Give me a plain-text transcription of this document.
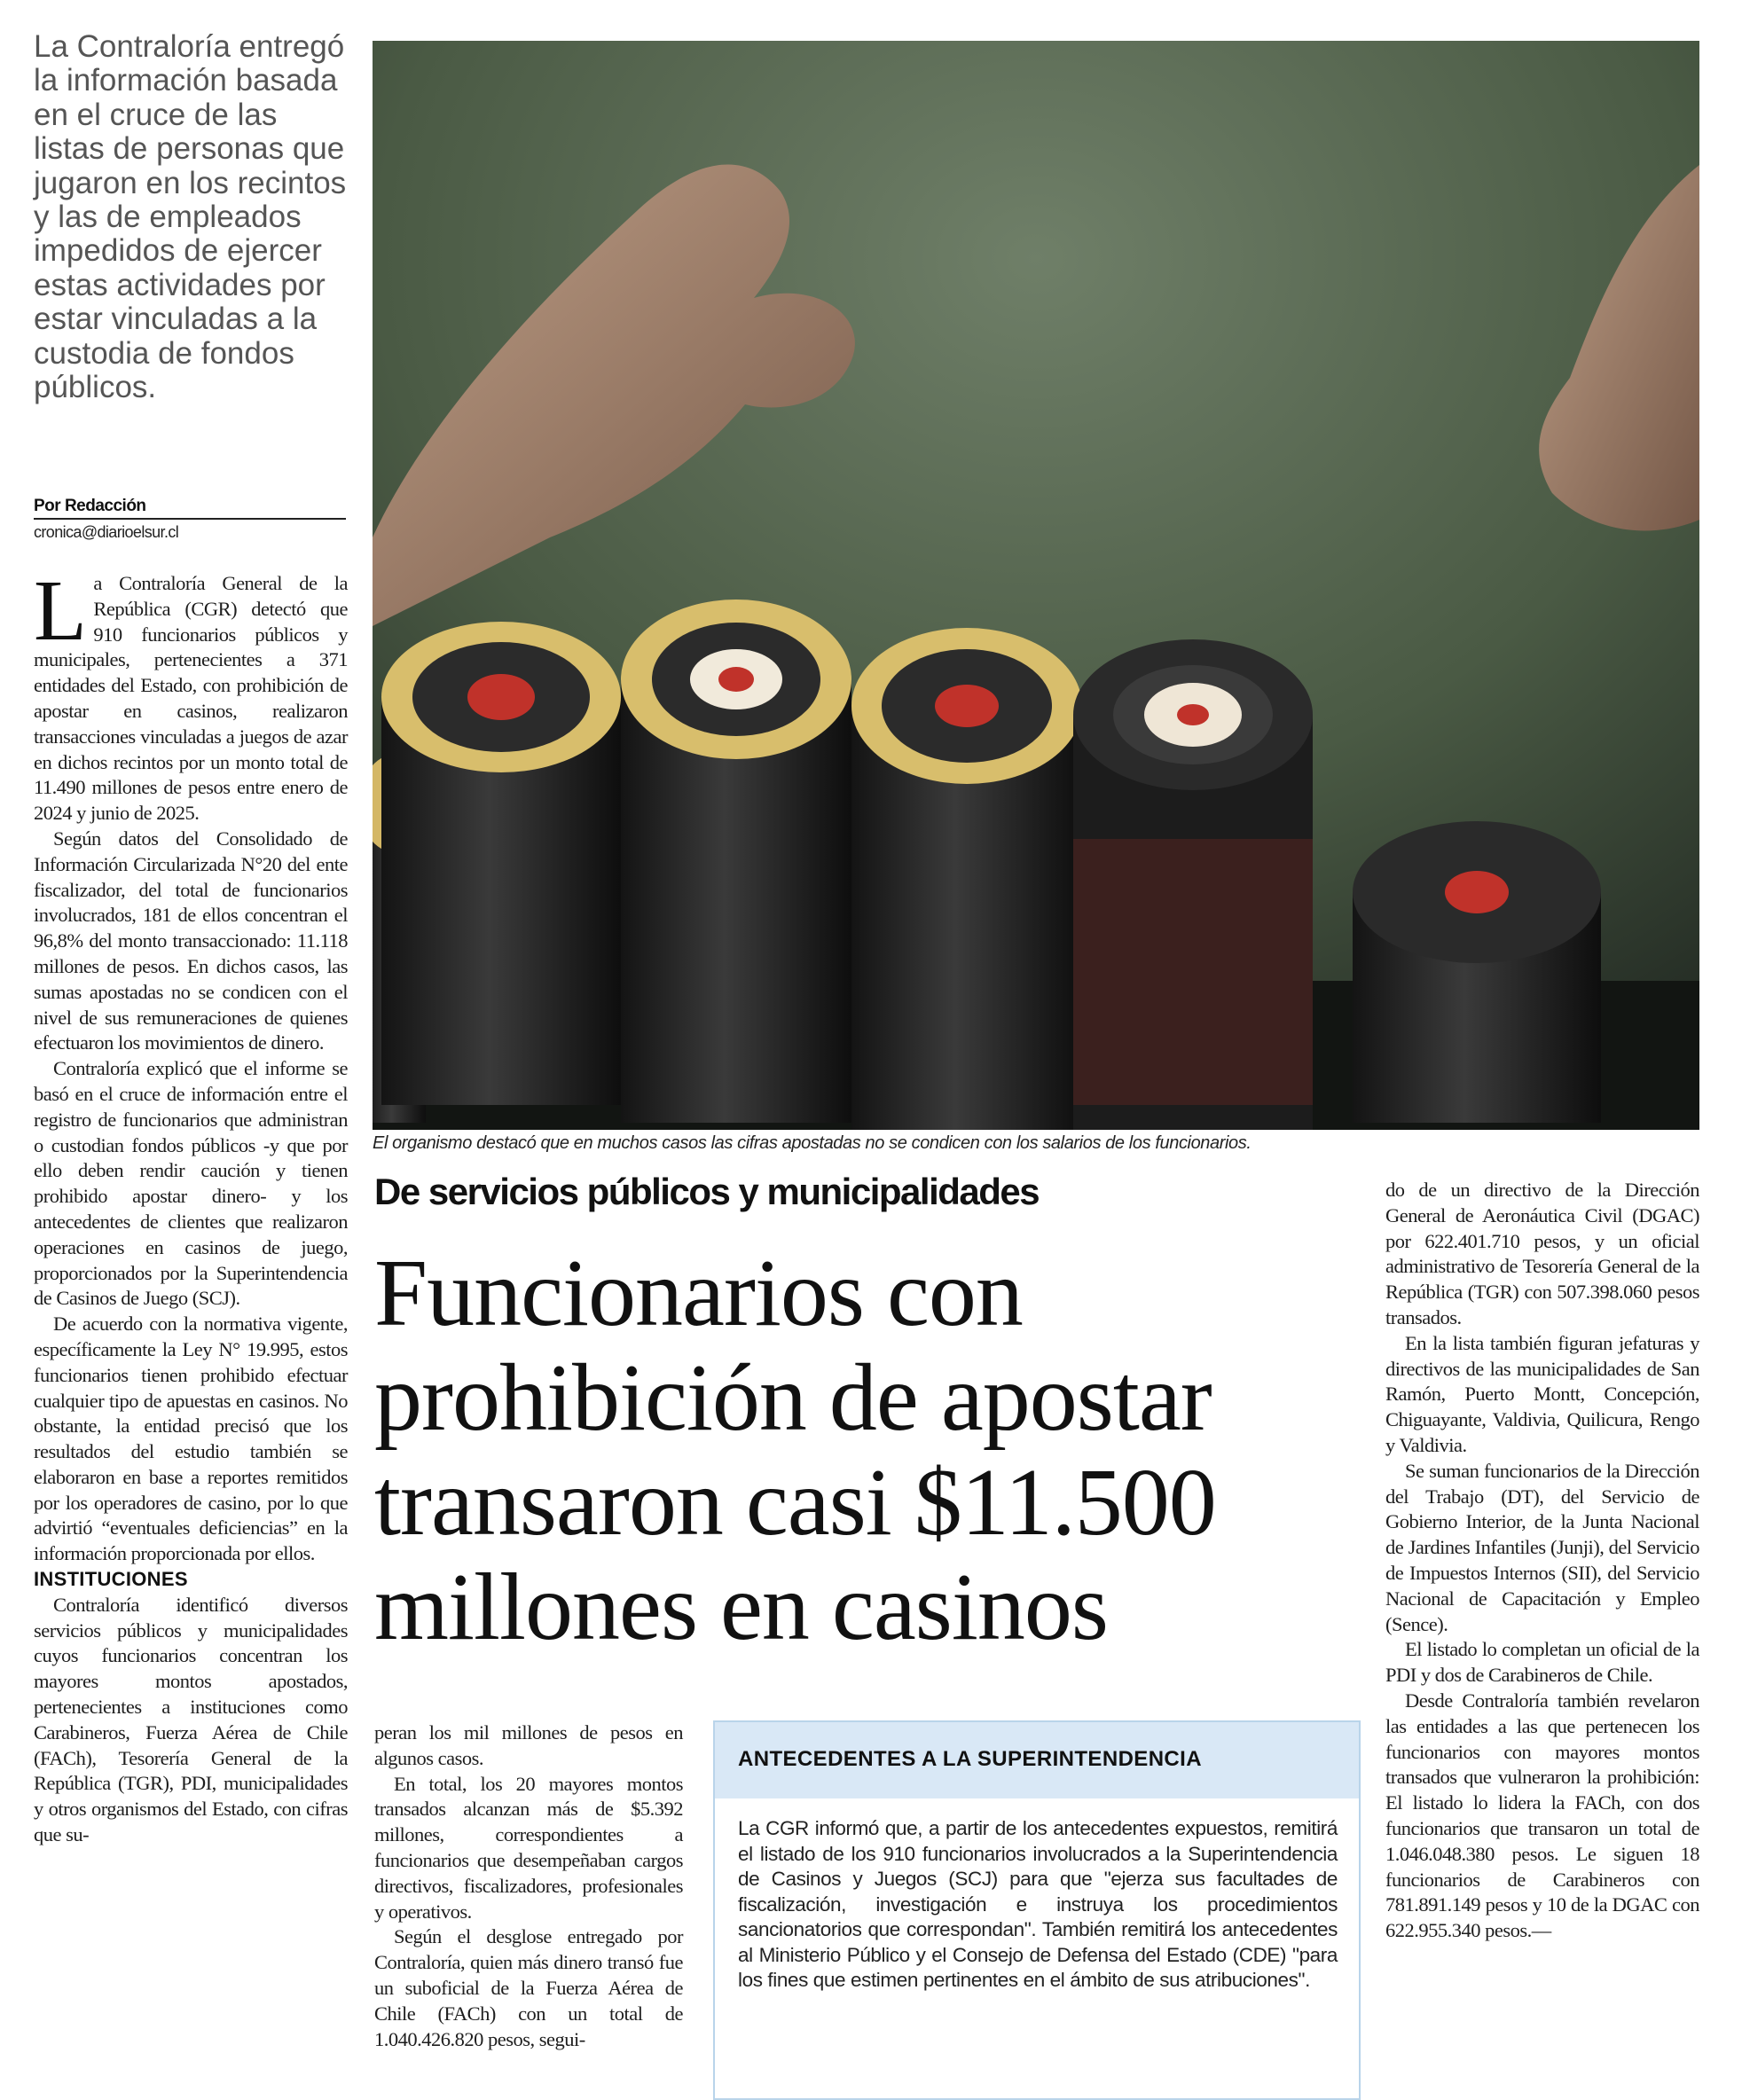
La Contraloría entregó la información basada en el cruce de las listas de personas que jugaron en los recintos y las de empleados impedidos de ejercer estas actividades por estar vinculadas a la custodia de fondos públicos.

Por Redacción
cronica@diarioelsur.cl

La Contraloría General de la República (CGR) detectó que 910 funcionarios públicos y municipales, pertenecientes a 371 entidades del Estado, con prohibición de apostar en casinos, realizaron transacciones vinculadas a juegos de azar en dichos recintos por un monto total de 11.490 millones de pesos entre enero de 2024 y junio de 2025.

Según datos del Consolidado de Información Circularizada N°20 del ente fiscalizador, del total de funcionarios involucrados, 181 de ellos concentran el 96,8% del monto transaccionado: 11.118 millones de pesos. En dichos casos, las sumas apostadas no se condicen con el nivel de sus remuneraciones de quienes efectuaron los movimientos de dinero.

Contraloría explicó que el informe se basó en el cruce de información entre el registro de funcionarios que administran o custodian fondos públicos -y que por ello deben rendir caución y tienen prohibido apostar dinero- y los antecedentes de clientes que realizaron operaciones en casinos de juego, proporcionados por la Superintendencia de Casinos de Juego (SCJ).

De acuerdo con la normativa vigente, específicamente la Ley N° 19.995, estos funcionarios tienen prohibido efectuar cualquier tipo de apuestas en casinos. No obstante, la entidad precisó que los resultados del estudio también se elaboraron en base a reportes remitidos por los operadores de casino, por lo que advirtió “eventuales deficiencias” en la información proporcionada por ellos.

INSTITUCIONES

Contraloría identificó diversos servicios públicos y municipalidades cuyos funcionarios concentran los mayores montos apostados, pertenecientes a instituciones como Carabineros, Fuerza Aérea de Chile (FACh), Tesorería General de la República (TGR), PDI, municipalidades y otros organismos del Estado, con cifras que su-

El organismo destacó que en muchos casos las cifras apostadas no se condicen con los salarios de los funcionarios.
De servicios públicos y municipalidades
Funcionarios con prohibición de apostar transaron casi $11.500 millones en casinos

peran los mil millones de pesos en algunos casos.

En total, los 20 mayores montos transados alcanzan más de $5.392 millones, correspondientes a funcionarios que desempeñaban cargos directivos, fiscalizadores, profesionales y operativos.

Según el desglose entregado por Contraloría, quien más dinero transó fue un suboficial de la Fuerza Aérea de Chile (FACh) con un total de 1.040.426.820 pesos, segui-

ANTECEDENTES A LA SUPERINTENDENCIA

La CGR informó que, a partir de los antecedentes expuestos, remitirá el listado de los 910 funcionarios involucrados a la Superintendencia de Casinos y Juegos (SCJ) para que "ejerza sus facultades de fiscalización, investigación e instruya los procedimientos sancionatorios que correspondan". También remitirá los antecedentes al Ministerio Público y el Consejo de Defensa del Estado (CDE) "para los fines que estimen pertinentes en el ámbito de sus atribuciones".

do de un directivo de la Dirección General de Aeronáutica Civil (DGAC) por 622.401.710 pesos, y un oficial administrativo de Tesorería General de la República (TGR) con 507.398.060 pesos transados.

En la lista también figuran jefaturas y directivos de las municipalidades de San Ramón, Puerto Montt, Concepción, Chiguayante, Valdivia, Quilicura, Rengo y Valdivia.

Se suman funcionarios de la Dirección del Trabajo (DT), del Servicio de Gobierno Interior, de la Junta Nacional de Jardines Infantiles (Junji), del Servicio de Impuestos Internos (SII), del Servicio Nacional de Capacitación y Empleo (Sence).

El listado lo completan un oficial de la PDI y dos de Carabineros de Chile.

Desde Contraloría también revelaron las entidades a las que pertenecen los funcionarios con mayores montos transados que vulneraron la prohibición: El listado lo lidera la FACh, con dos funcionarios que transaron un total de 1.046.048.380 pesos. Le siguen 18 funcionarios de Carabineros con 781.891.149 pesos y 10 de la DGAC con 622.955.340 pesos.—
